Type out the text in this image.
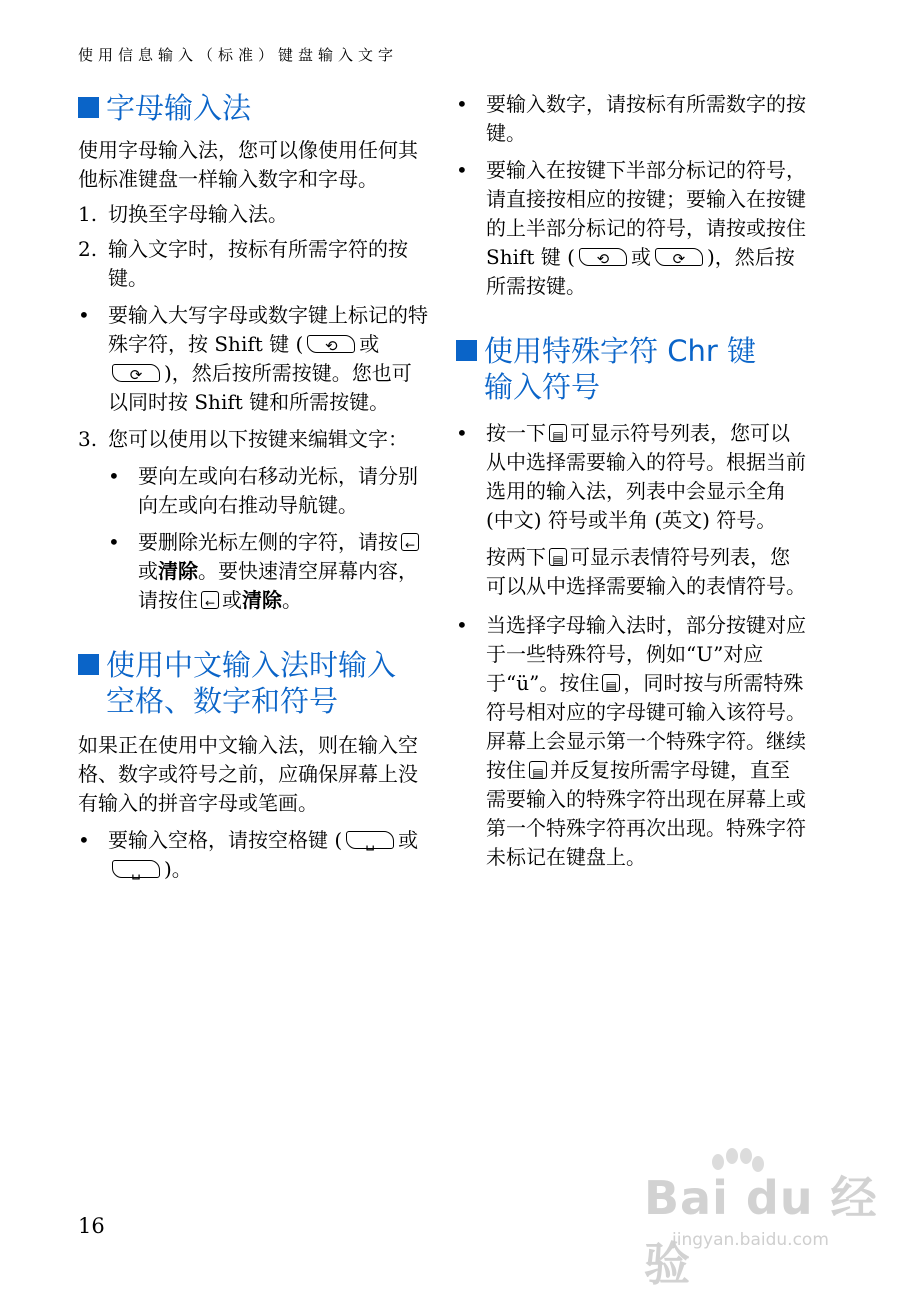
使用信息输入（标准）键盘输入文字
字母输入法

使用字母输入法，您可以像使用任何其他标准键盘一样输入数字和字母。

1. 切换至字母输入法。
2. 输入文字时，按标有所需字符的按键。
• 要输入大写字母或数字键上标记的特殊字符，按 Shift 键 (	⟲	或
⟳	)，然后按所需按键。您也可以同时按 Shift 键和所需按键。
3. 您可以使用以下按键来编辑文字：
• 要向左或向右移动光标，请分别向左或向右推动导航键。
• 要删除光标左侧的字符，请按 ←
或清除。要快速清空屏幕内容，请按住 ← 或清除。
使用中文输入法时输入
空格、数字和符号

如果正在使用中文输入法，则在输入空格、数字或符号之前，应确保屏幕上没有输入的拼音字母或笔画。

• 要输入空格，请按空格键 (	␣	或
␣	)。
• 要输入数字，请按标有所需数字的按键。
• 要输入在按键下半部分标记的符号，请直接按相应的按键；要输入在按键的上半部分标记的符号，请按或按住 Shift 键 (	⟲	或	⟳	)，然后按所需按键。
使用特殊字符 Chr 键
输入符号
• 按一下 ▤ 可显示符号列表，您可以从中选择需要输入的符号。根据当前选用的输入法，列表中会显示全角 (中文) 符号或半角 (英文) 符号。
按两下 ▤ 可显示表情符号列表，您可以从中选择需要输入的表情符号。
• 当选择字母输入法时，部分按键对应于一些特殊符号，例如“U”对应于“ü”。按住 ▤ ，同时按与所需特殊符号相对应的字母键可输入该符号。屏幕上会显示第一个特殊字符。继续按住 ▤ 并反复按所需字母键，直至需要输入的特殊字符出现在屏幕上或第一个特殊字符再次出现。特殊字符未标记在键盘上。
16
Bai du 经验
jingyan.baidu.com
